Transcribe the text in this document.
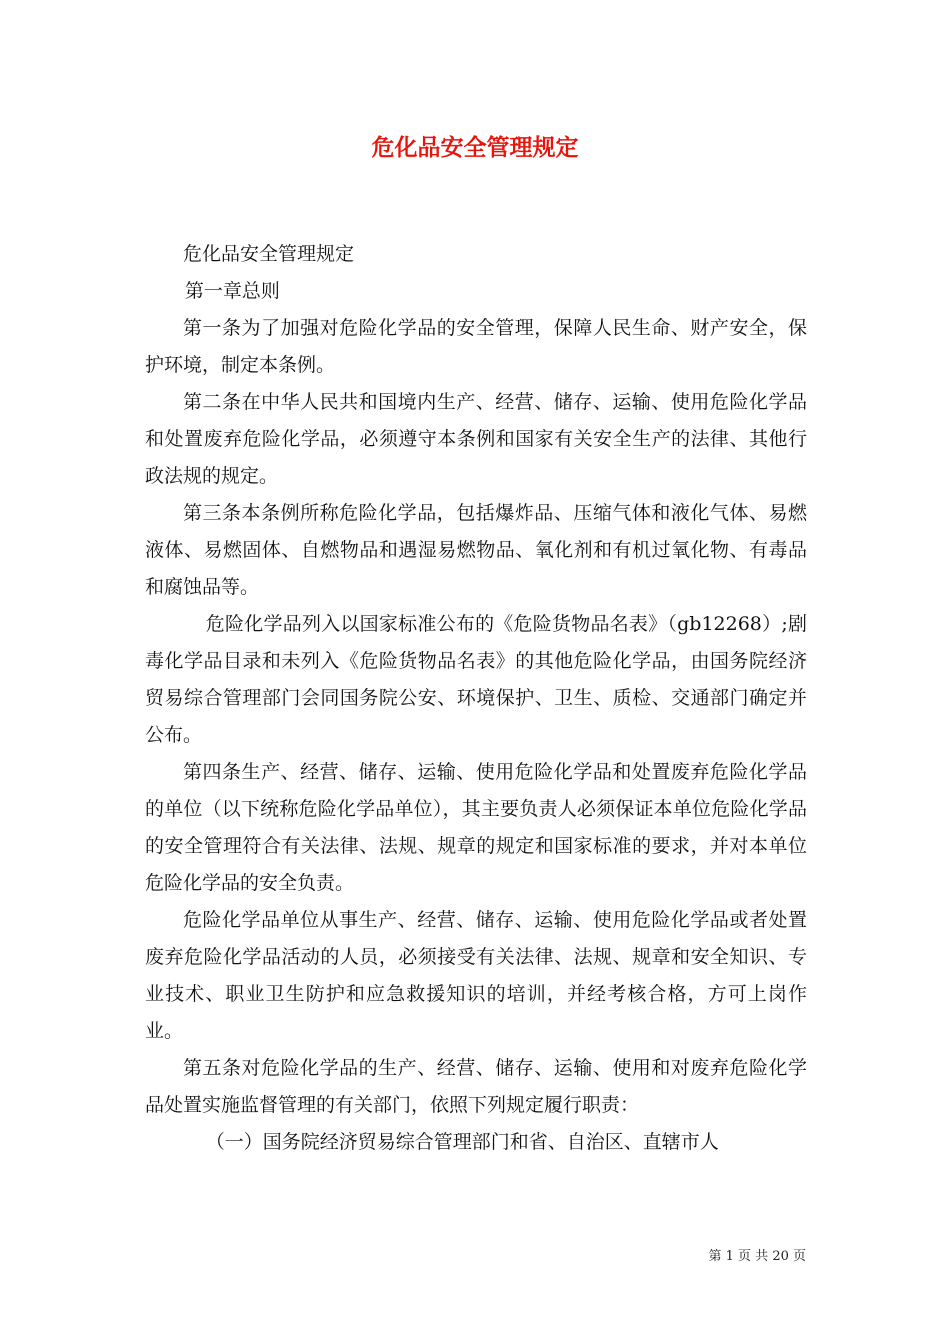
危化品安全管理规定

危化品安全管理规定

第一章总则

第一条为了加强对危险化学品的安全管理，保障人民生命、财产安全，保护环境，制定本条例。

第二条在中华人民共和国境内生产、经营、储存、运输、使用危险化学品和处置废弃危险化学品，必须遵守本条例和国家有关安全生产的法律、其他行政法规的规定。

第三条本条例所称危险化学品，包括爆炸品、压缩气体和液化气体、易燃液体、易燃固体、自燃物品和遇湿易燃物品、氧化剂和有机过氧化物、有毒品和腐蚀品等。

危险化学品列入以国家标准公布的《危险货物品名表》（gb12268）;剧毒化学品目录和未列入《危险货物品名表》的其他危险化学品，由国务院经济贸易综合管理部门会同国务院公安、环境保护、卫生、质检、交通部门确定并公布。

第四条生产、经营、储存、运输、使用危险化学品和处置废弃危险化学品的单位（以下统称危险化学品单位），其主要负责人必须保证本单位危险化学品的安全管理符合有关法律、法规、规章的规定和国家标准的要求，并对本单位危险化学品的安全负责。

危险化学品单位从事生产、经营、储存、运输、使用危险化学品或者处置废弃危险化学品活动的人员，必须接受有关法律、法规、规章和安全知识、专业技术、职业卫生防护和应急救援知识的培训，并经考核合格，方可上岗作业。

第五条对危险化学品的生产、经营、储存、运输、使用和对废弃危险化学品处置实施监督管理的有关部门，依照下列规定履行职责：

（一）国务院经济贸易综合管理部门和省、自治区、直辖市人

第 1 页 共 20 页
